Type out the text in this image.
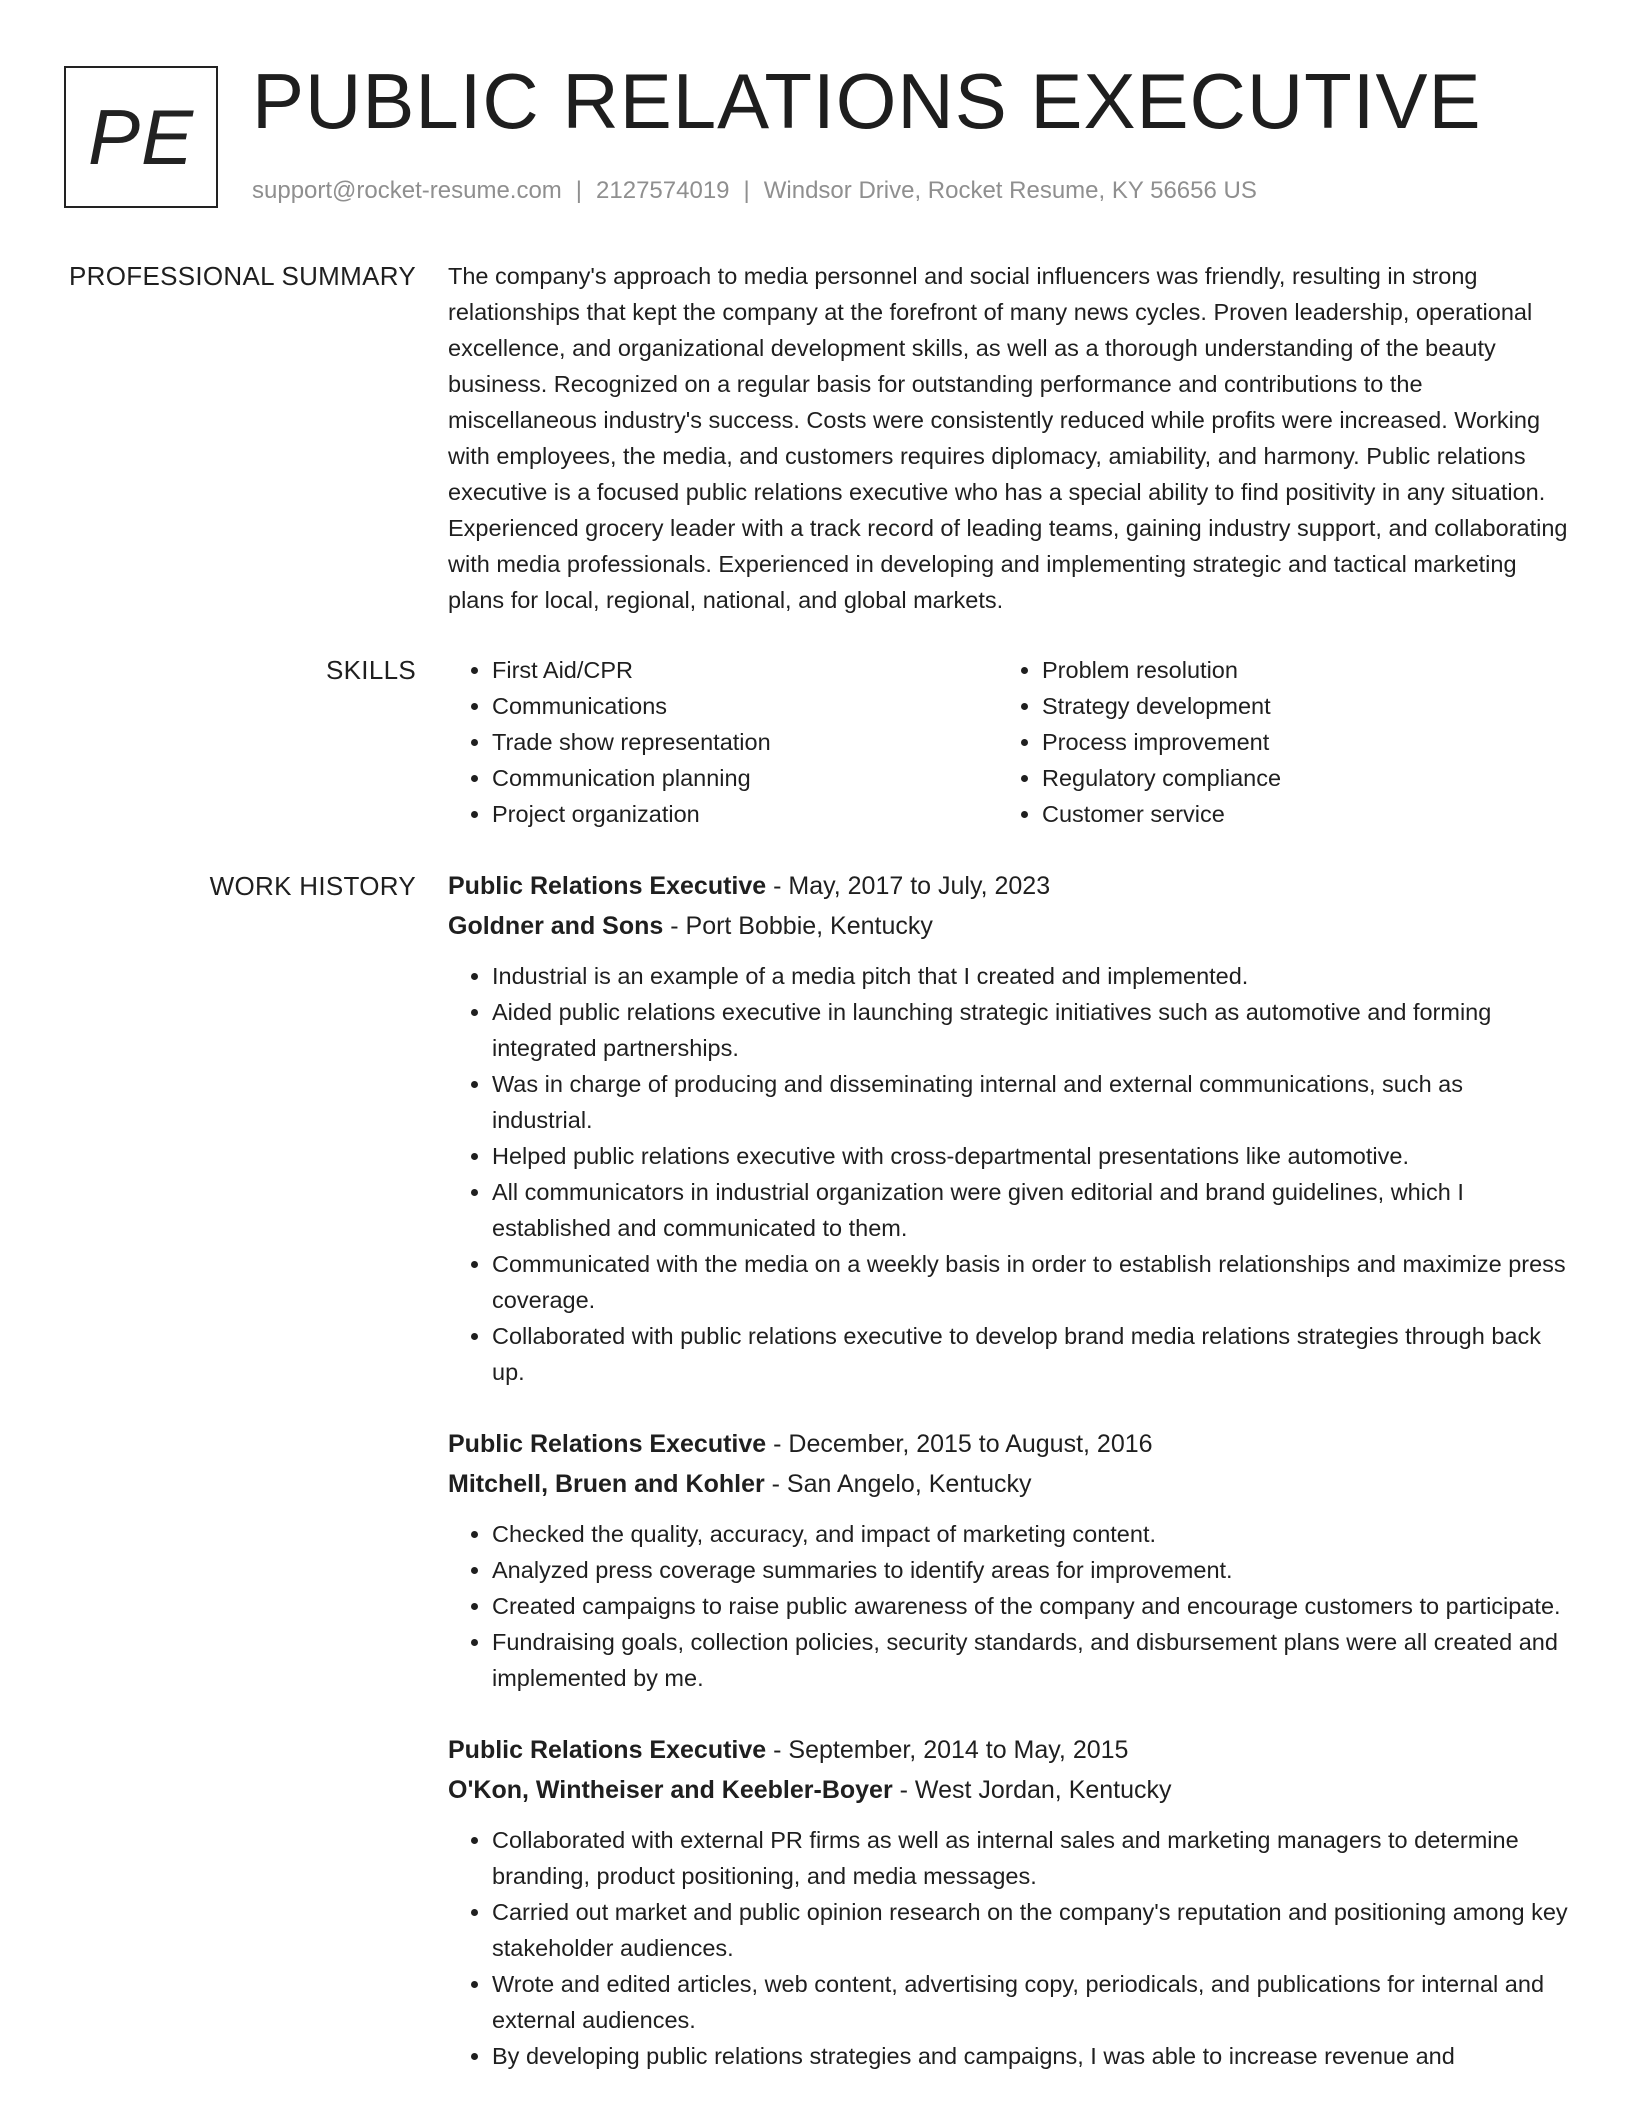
PE PUBLIC RELATIONS EXECUTIVE
support@rocket-resume.com | 2127574019 | Windsor Drive, Rocket Resume, KY 56656 US
PROFESSIONAL SUMMARY The company's approach to media personnel and social influencers was friendly, resulting in strong relationships that kept the company at the forefront of many news cycles. Proven leadership, operational excellence, and organizational development skills, as well as a thorough understanding of the beauty business. Recognized on a regular basis for outstanding performance and contributions to the miscellaneous industry's success. Costs were consistently reduced while profits were increased. Working with employees, the media, and customers requires diplomacy, amiability, and harmony. Public relations executive is a focused public relations executive who has a special ability to find positivity in any situation. Experienced grocery leader with a track record of leading teams, gaining industry support, and collaborating with media professionals. Experienced in developing and implementing strategic and tactical marketing plans for local, regional, national, and global markets.

SKILLS
•	First Aid/CPR
• Communications
• Trade show representation
• Communication planning
• Project organization
• Problem resolution
• Strategy development
• Process improvement
• Regulatory compliance
• Customer service
WORK HISTORY Public Relations Executive - May, 2017 to July, 2023
Goldner and Sons - Port Bobbie, Kentucky
• Industrial is an example of a media pitch that I created and implemented.
• Aided public relations executive in launching strategic initiatives such as automotive and forming integrated partnerships.
• Was in charge of producing and disseminating internal and external communications, such as industrial.
• Helped public relations executive with cross-departmental presentations like automotive.
• All communicators in industrial organization were given editorial and brand guidelines, which I established and communicated to them.
• Communicated with the media on a weekly basis in order to establish relationships and maximize press coverage.
• Collaborated with public relations executive to develop brand media relations strategies through back up.
Public Relations Executive - December, 2015 to August, 2016
Mitchell, Bruen and Kohler - San Angelo, Kentucky
• Checked the quality, accuracy, and impact of marketing content.
• Analyzed press coverage summaries to identify areas for improvement.
• Created campaigns to raise public awareness of the company and encourage customers to participate.
• Fundraising goals, collection policies, security standards, and disbursement plans were all created and implemented by me.
Public Relations Executive - September, 2014 to May, 2015
O'Kon, Wintheiser and Keebler-Boyer - West Jordan, Kentucky
• Collaborated with external PR firms as well as internal sales and marketing managers to determine branding, product positioning, and media messages.
• Carried out market and public opinion research on the company's reputation and positioning among key stakeholder audiences.
• Wrote and edited articles, web content, advertising copy, periodicals, and publications for internal and external audiences.
• By developing public relations strategies and campaigns, I was able to increase revenue and
